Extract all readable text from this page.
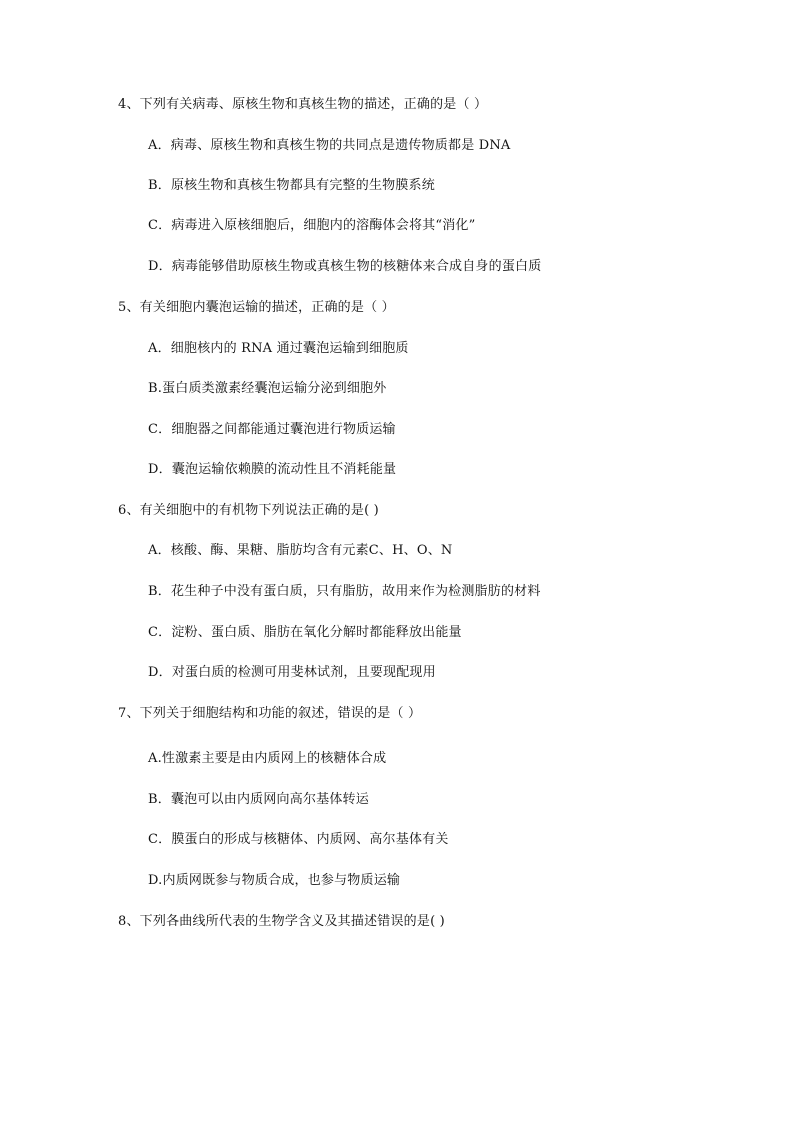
4、下列有关病毒、原核生物和真核生物的描述，正确的是（ ）
A．病毒、原核生物和真核生物的共同点是遗传物质都是 DNA
B．原核生物和真核生物都具有完整的生物膜系统
C．病毒进入原核细胞后，细胞内的溶酶体会将其“消化”
D．病毒能够借助原核生物或真核生物的核糖体来合成自身的蛋白质
5、有关细胞内囊泡运输的描述，正确的是（ ）
A．细胞核内的 RNA 通过囊泡运输到细胞质
B.蛋白质类激素经囊泡运输分泌到细胞外
C．细胞器之间都能通过囊泡进行物质运输
D．囊泡运输依赖膜的流动性且不消耗能量
6、有关细胞中的有机物下列说法正确的是( )
A．核酸、酶、果糖、脂肪均含有元素C、H、O、N
B．花生种子中没有蛋白质，只有脂肪，故用来作为检测脂肪的材料
C．淀粉、蛋白质、脂肪在氧化分解时都能释放出能量
D．对蛋白质的检测可用斐林试剂，且要现配现用
7、下列关于细胞结构和功能的叙述，错误的是（ ）
A.性激素主要是由内质网上的核糖体合成
B．囊泡可以由内质网向高尔基体转运
C．膜蛋白的形成与核糖体、内质网、高尔基体有关
D.内质网既参与物质合成，也参与物质运输
8、下列各曲线所代表的生物学含义及其描述错误的是( )
